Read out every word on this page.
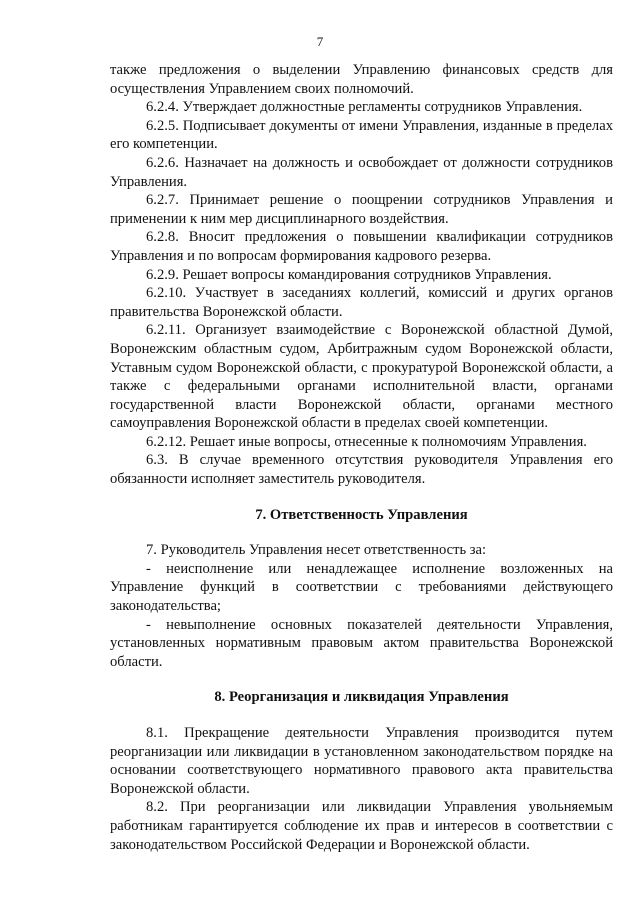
7

также предложения о выделении Управлению финансовых средств для осуществления Управлением своих полномочий.

6.2.4. Утверждает должностные регламенты сотрудников Управления.

6.2.5. Подписывает документы от имени Управления, изданные в пределах его компетенции.

6.2.6. Назначает на должность и освобождает от должности сотрудников Управления.

6.2.7. Принимает решение о поощрении сотрудников Управления и применении к ним мер дисциплинарного воздействия.

6.2.8. Вносит предложения о повышении квалификации сотрудников Управления и по вопросам формирования кадрового резерва.

6.2.9. Решает вопросы командирования сотрудников Управления.

6.2.10. Участвует в заседаниях коллегий, комиссий и других органов правительства Воронежской области.

6.2.11. Организует взаимодействие с Воронежской областной Думой, Воронежским областным судом, Арбитражным судом Воронежской области, Уставным судом Воронежской области, с прокуратурой Воронежской области, а также с федеральными органами исполнительной власти, органами государственной власти Воронежской области, органами местного самоуправления Воронежской области в пределах своей компетенции.

6.2.12. Решает иные вопросы, отнесенные к полномочиям Управления.

6.3. В случае временного отсутствия руководителя Управления его обязанности исполняет заместитель руководителя.

7. Ответственность Управления

7. Руководитель Управления несет ответственность за:

- неисполнение или ненадлежащее исполнение возложенных на Управление функций в соответствии с требованиями действующего законодательства;

- невыполнение основных показателей деятельности Управления, установленных нормативным правовым актом правительства Воронежской области.

8. Реорганизация и ликвидация Управления

8.1. Прекращение деятельности Управления производится путем реорганизации или ликвидации в установленном законодательством порядке на основании соответствующего нормативного правового акта правительства Воронежской области.

8.2. При реорганизации или ликвидации Управления увольняемым работникам гарантируется соблюдение их прав и интересов в соответствии с законодательством Российской Федерации и Воронежской области.
